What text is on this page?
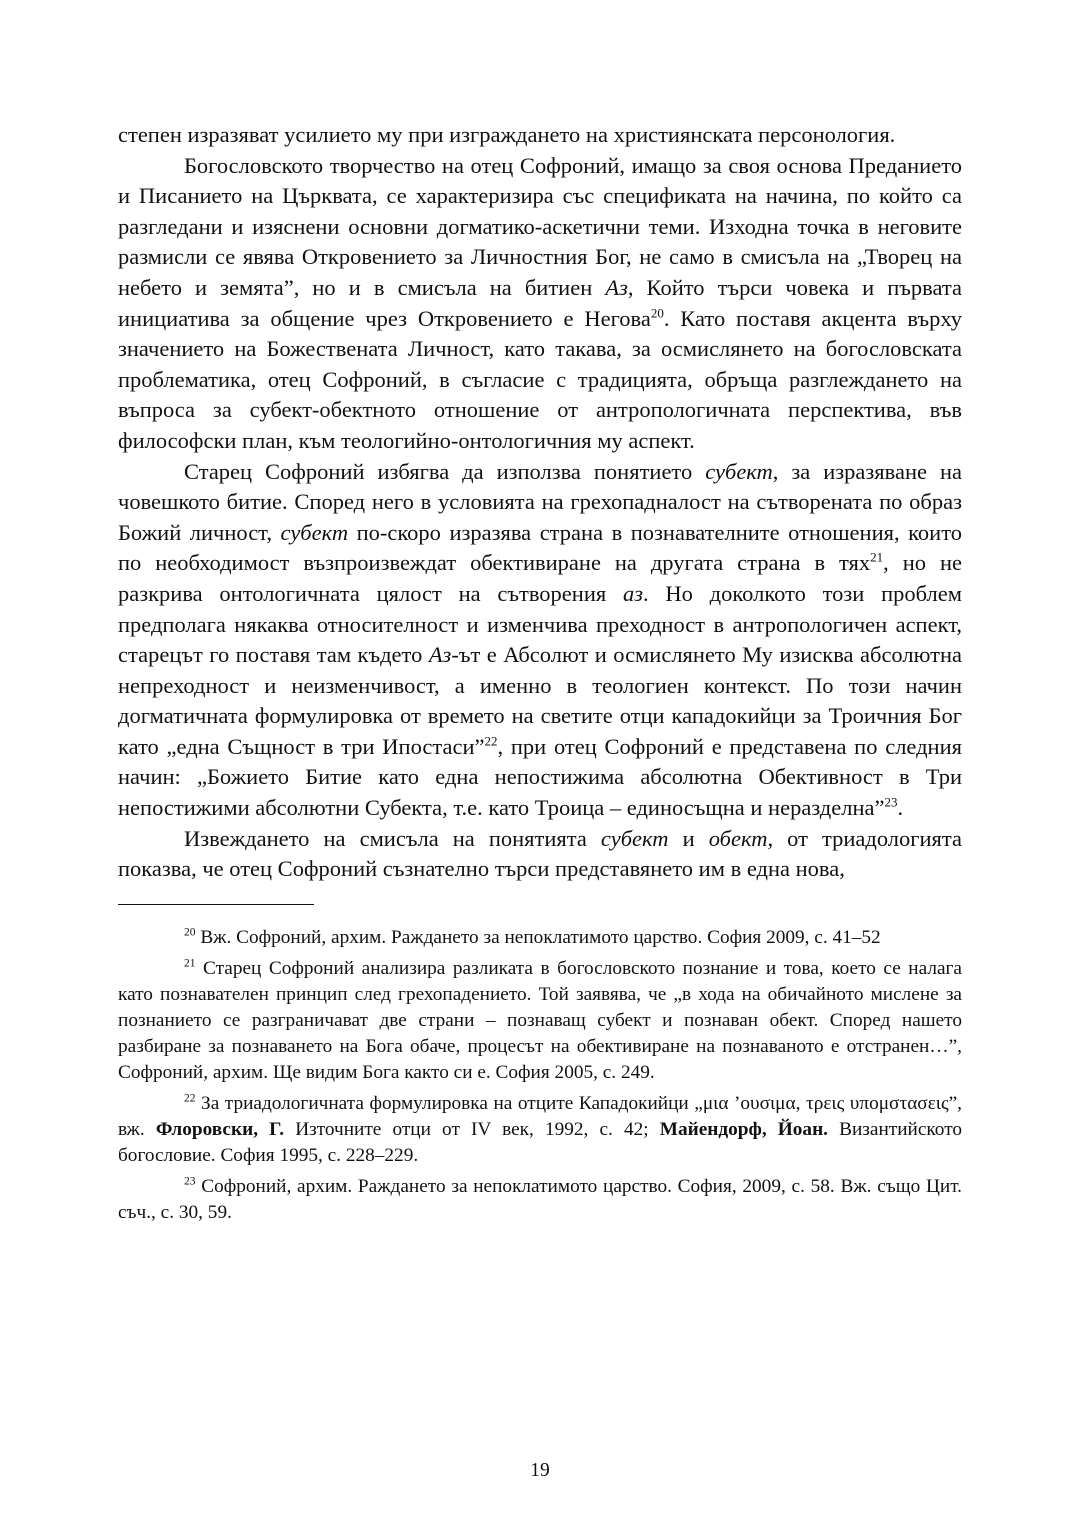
степен изразяват усилието му при изграждането на християнската персонология.

Богословското творчество на отец Софроний, имащо за своя основа Преданието и Писанието на Църквата, се характеризира със спецификата на начина, по който са разгледани и изяснени основни догматико-аскетични теми. Изходна точка в неговите размисли се явява Откровението за Личностния Бог, не само в смисъла на „Творец на небето и земята”, но и в смисъла на битиен Аз, Който търси човека и първата инициатива за общение чрез Откровението е Негова$^{20}$. Като поставя акцента върху значението на Божествената Личност, като такава, за осмислянето на богословската проблематика, отец Софроний, в съгласие с традицията, обръща разглеждането на въпроса за субект-обектното отношение от антропологичната перспектива, във философски план, към теологийно-онтологичния му аспект.

Старец Софроний избягва да използва понятието субект, за изразяване на човешкото битие. Според него в условията на грехопадналост на сътворената по образ Божий личност, субект по-скоро изразява страна в познавателните отношения, които по необходимост възпроизвеждат обективиране на другата страна в тях$^{21}$, но не разкрива онтологичната цялост на сътворения аз. Но доколкото този проблем предполага някаква относителност и изменчива преходност в антропологичен аспект, старецът го поставя там където Аз-ът е Абсолют и осмислянето Му изисква абсолютна непреходност и неизменчивост, а именно в теологиен контекст. По този начин догматичната формулировка от времето на светите отци кападокийци за Троичния Бог като „една Същност в три Ипостаси”$^{22}$, при отец Софроний е представена по следния начин: „Божието Битие като една непостижима абсолютна Обективност в Три непостижими абсолютни Субекта, т.е. като Троица – единосъщна и неразделна”$^{23}$.

Извеждането на смисъла на понятията субект и обект, от триадологията показва, че отец Софроний съзнателно търси представянето им в една нова,

$^{20}$ Вж. Софроний, архим. Раждането за непоклатимото царство. София 2009, с. 41–52

$^{21}$ Старец Софроний анализира разликата в богословското познание и това, което се налага като познавателен принцип след грехопадението. Той заявява, че „в хода на обичайното мислене за познанието се разграничават две страни – познаващ субект и познаван обект. Според нашето разбиране за познаването на Бога обаче, процесът на обективиране на познаваното е отстранен…”, Софроний, архим. Ще видим Бога както си е. София 2005, с. 249.

$^{22}$ За триадологичната формулировка на отците Кападокийци „μια ’ουσιμα, τρεις υπομστασεις”, вж. Флоровски, Г. Източните отци от IV век, 1992, с. 42; Майендорф, Йоан. Византийското богословие. София 1995, с. 228–229.

$^{23}$ Софроний, архим. Раждането за непоклатимото царство. София, 2009, с. 58. Вж. също Цит. съч., с. 30, 59.

19
